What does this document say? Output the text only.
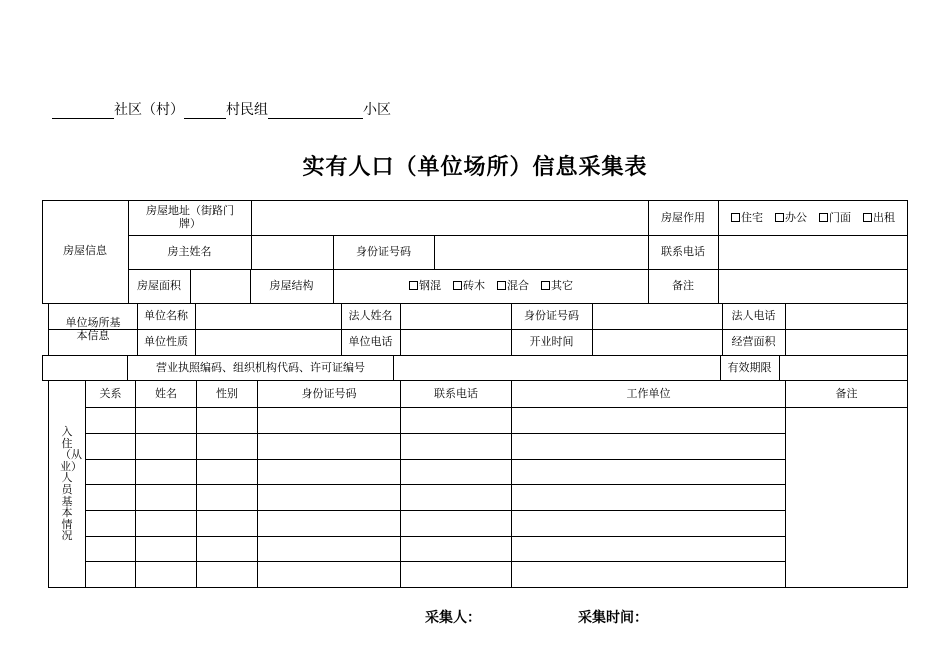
社区（村）	村民组	小区
实有人口（单位场所）信息采集表
房屋信息
房屋地址（街路门牌）	房屋作用	住宅 办公 门面 出租
房主姓名	身份证号码	联系电话
房屋面积	房屋结构	钢混 砖木 混合 其它	备注
单位场所基本信息
单位名称	法人姓名	身份证号码	法人电话
单位性质	单位电话	开业时间	经营面积
营业执照编码、组织机构代码、许可证编号	有效期限
入住（从业）人员基本情况
关系	姓名	性别	身份证号码	联系电话	工作单位	备注
采集人：	采集时间：
